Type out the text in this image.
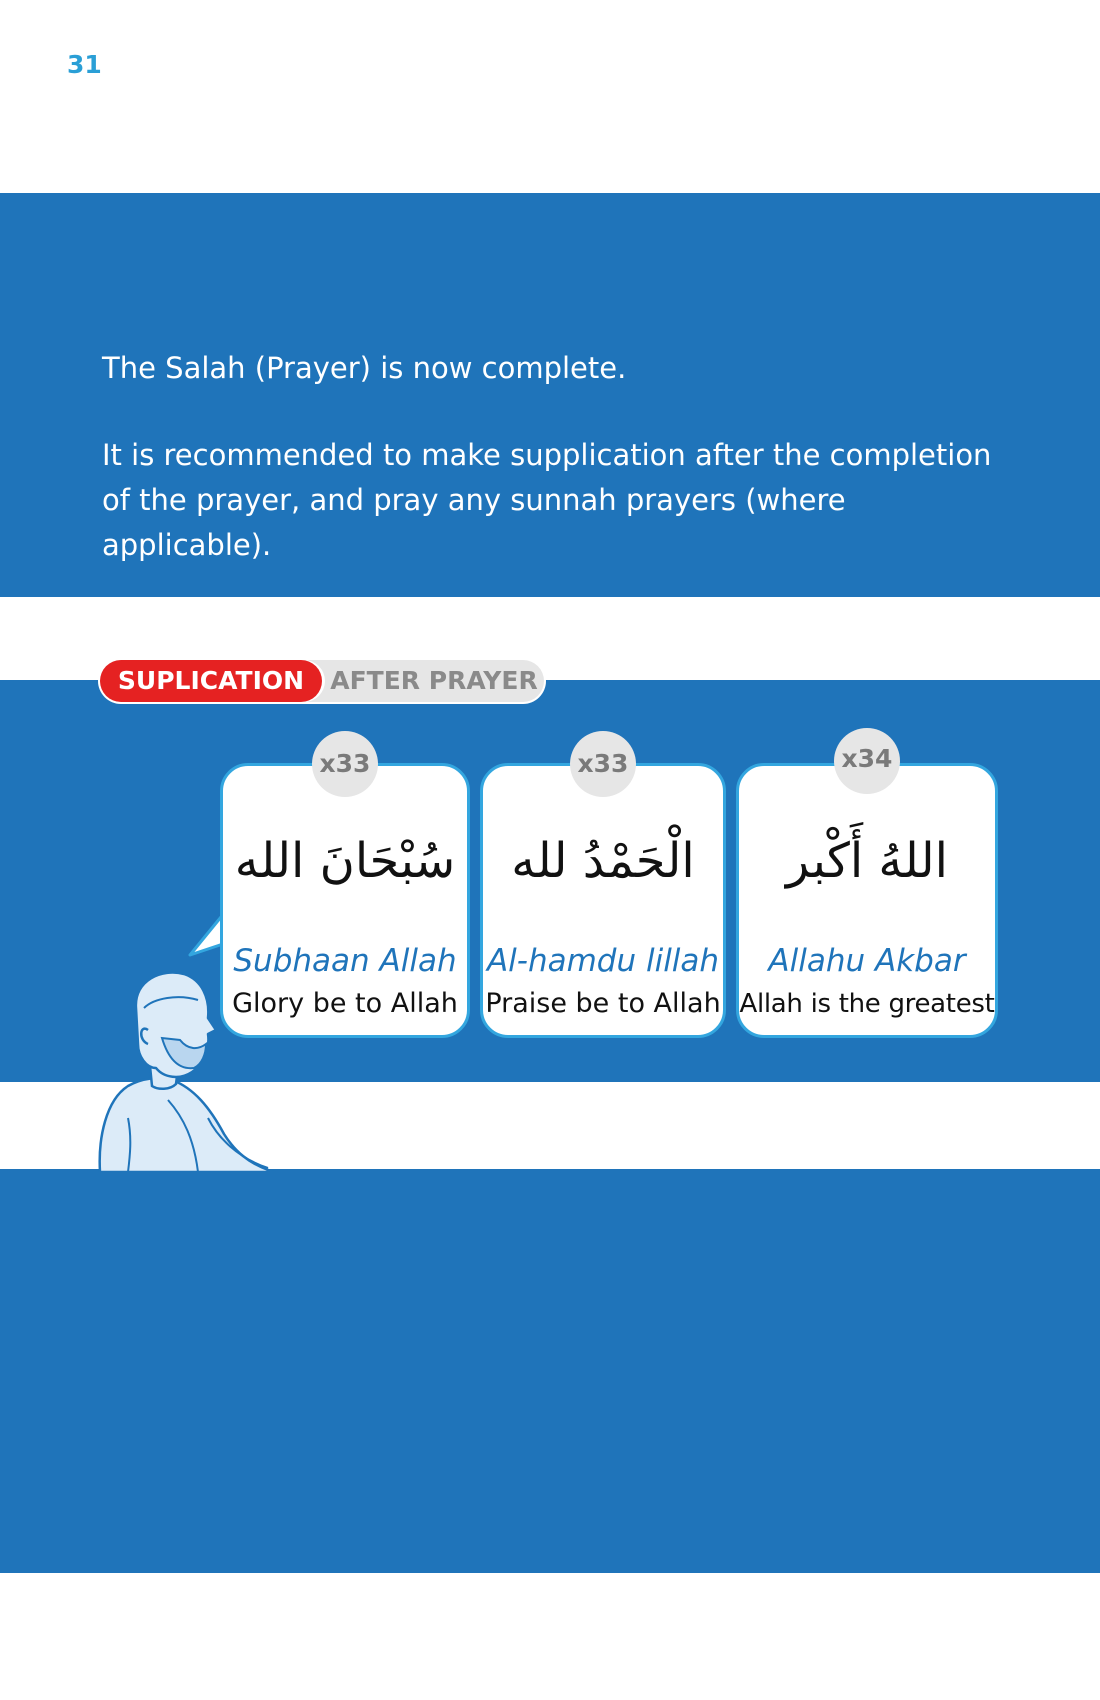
31

The Salah (Prayer) is now complete.

It is recommended to make supplication after the completion of the prayer, and pray any sunnah prayers (where applicable).

SUPLICATION	AFTER PRAYER
x33
سُبْحَانَ الله
Subhaan Allah
Glory be to Allah
x33
الْحَمْدُ لله
Al-hamdu lillah
Praise be to Allah
x34
اللهُ أَكْبر
Allahu Akbar
Allah is the greatest
